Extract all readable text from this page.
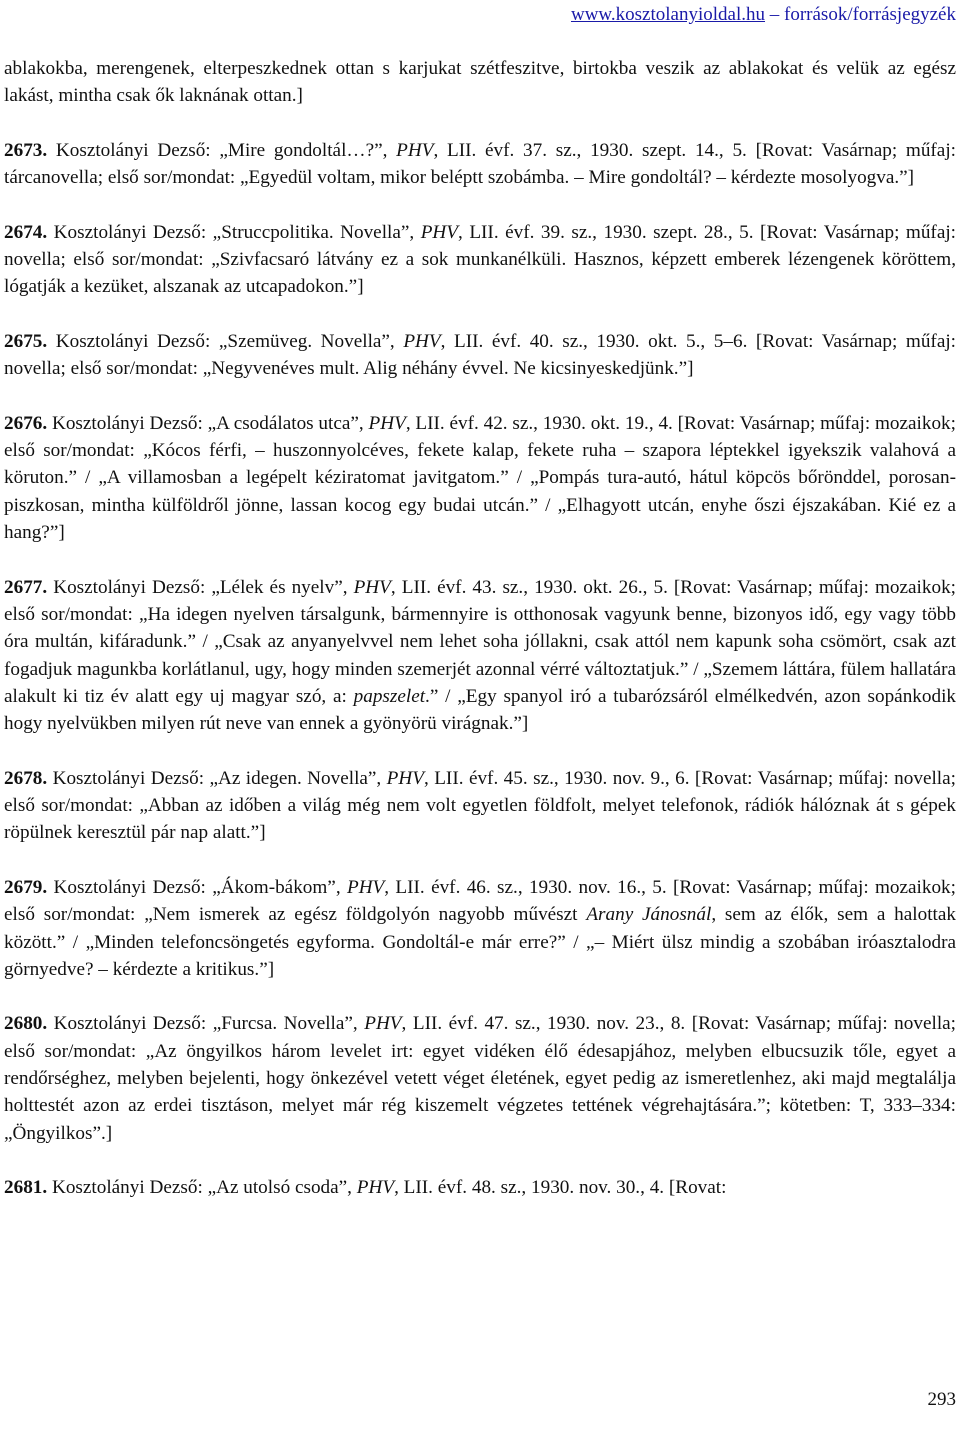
www.kosztolanyioldal.hu – források/forrásjegyzék

ablakokba, merengenek, elterpeszkednek ottan s karjukat szétfeszitve, birtokba veszik az ablakokat és velük az egész lakást, mintha csak ők laknának ottan.]

2673. Kosztolányi Dezső: „Mire gondoltál…?”, PHV, LII. évf. 37. sz., 1930. szept. 14., 5. [Rovat: Vasárnap; műfaj: tárcanovella; első sor/mondat: „Egyedül voltam, mikor beléptt szobámba. – Mire gondoltál? – kérdezte mosolyogva.”]

2674. Kosztolányi Dezső: „Struccpolitika. Novella”, PHV, LII. évf. 39. sz., 1930. szept. 28., 5. [Rovat: Vasárnap; műfaj: novella; első sor/mondat: „Szivfacsaró látvány ez a sok munkanélküli. Hasznos, képzett emberek lézengenek köröttem, lógatják a kezüket, alszanak az utcapadokon.”]

2675. Kosztolányi Dezső: „Szemüveg. Novella”, PHV, LII. évf. 40. sz., 1930. okt. 5., 5–6. [Rovat: Vasárnap; műfaj: novella; első sor/mondat: „Negyvenéves mult. Alig néhány évvel. Ne kicsinyeskedjünk.”]

2676. Kosztolányi Dezső: „A csodálatos utca”, PHV, LII. évf. 42. sz., 1930. okt. 19., 4. [Rovat: Vasárnap; műfaj: mozaikok; első sor/mondat: „Kócos férfi, – huszonnyolcéves, fekete kalap, fekete ruha – szapora léptekkel igyekszik valahová a köruton.” / „A villamosban a legépelt kéziratomat javitgatom.” / „Pompás tura-autó, hátul köpcös bőrönddel, porosan-piszkosan, mintha külföldről jönne, lassan kocog egy budai utcán.” / „Elhagyott utcán, enyhe őszi éjszakában. Kié ez a hang?”]

2677. Kosztolányi Dezső: „Lélek és nyelv”, PHV, LII. évf. 43. sz., 1930. okt. 26., 5. [Rovat: Vasárnap; műfaj: mozaikok; első sor/mondat: „Ha idegen nyelven társalgunk, bármennyire is otthonosak vagyunk benne, bizonyos idő, egy vagy több óra multán, kifáradunk.” / „Csak az anyanyelvvel nem lehet soha jóllakni, csak attól nem kapunk soha csömört, csak azt fogadjuk magunkba korlátlanul, ugy, hogy minden szemerjét azonnal vérré változtatjuk.” / „Szemem láttára, fülem hallatára alakult ki tiz év alatt egy uj magyar szó, a: papszelet.” / „Egy spanyol iró a tubarózsáról elmélkedvén, azon sopánkodik hogy nyelvükben milyen rút neve van ennek a gyönyörü virágnak.”]

2678. Kosztolányi Dezső: „Az idegen. Novella”, PHV, LII. évf. 45. sz., 1930. nov. 9., 6. [Rovat: Vasárnap; műfaj: novella; első sor/mondat: „Abban az időben a világ még nem volt egyetlen földfolt, melyet telefonok, rádiók hálóznak át s gépek röpülnek keresztül pár nap alatt.”]

2679. Kosztolányi Dezső: „Ákom-bákom”, PHV, LII. évf. 46. sz., 1930. nov. 16., 5. [Rovat: Vasárnap; műfaj: mozaikok; első sor/mondat: „Nem ismerek az egész földgolyón nagyobb művészt Arany Jánosnál, sem az élők, sem a halottak között.” / „Minden telefoncsöngetés egyforma. Gondoltál-e már erre?” / „– Miért ülsz mindig a szobában iróasztalodra görnyedve? – kérdezte a kritikus.”]

2680. Kosztolányi Dezső: „Furcsa. Novella”, PHV, LII. évf. 47. sz., 1930. nov. 23., 8. [Rovat: Vasárnap; műfaj: novella; első sor/mondat: „Az öngyilkos három levelet irt: egyet vidéken élő édesapjához, melyben elbucsuzik tőle, egyet a rendőrséghez, melyben bejelenti, hogy önkezével vetett véget életének, egyet pedig az ismeretlenhez, aki majd megtalálja holttestét azon az erdei tisztáson, melyet már rég kiszemelt végzetes tettének végrehajtására.”; kötetben: T, 333–334: „Öngyilkos”.]

2681. Kosztolányi Dezső: „Az utolsó csoda”, PHV, LII. évf. 48. sz., 1930. nov. 30., 4. [Rovat:

293
